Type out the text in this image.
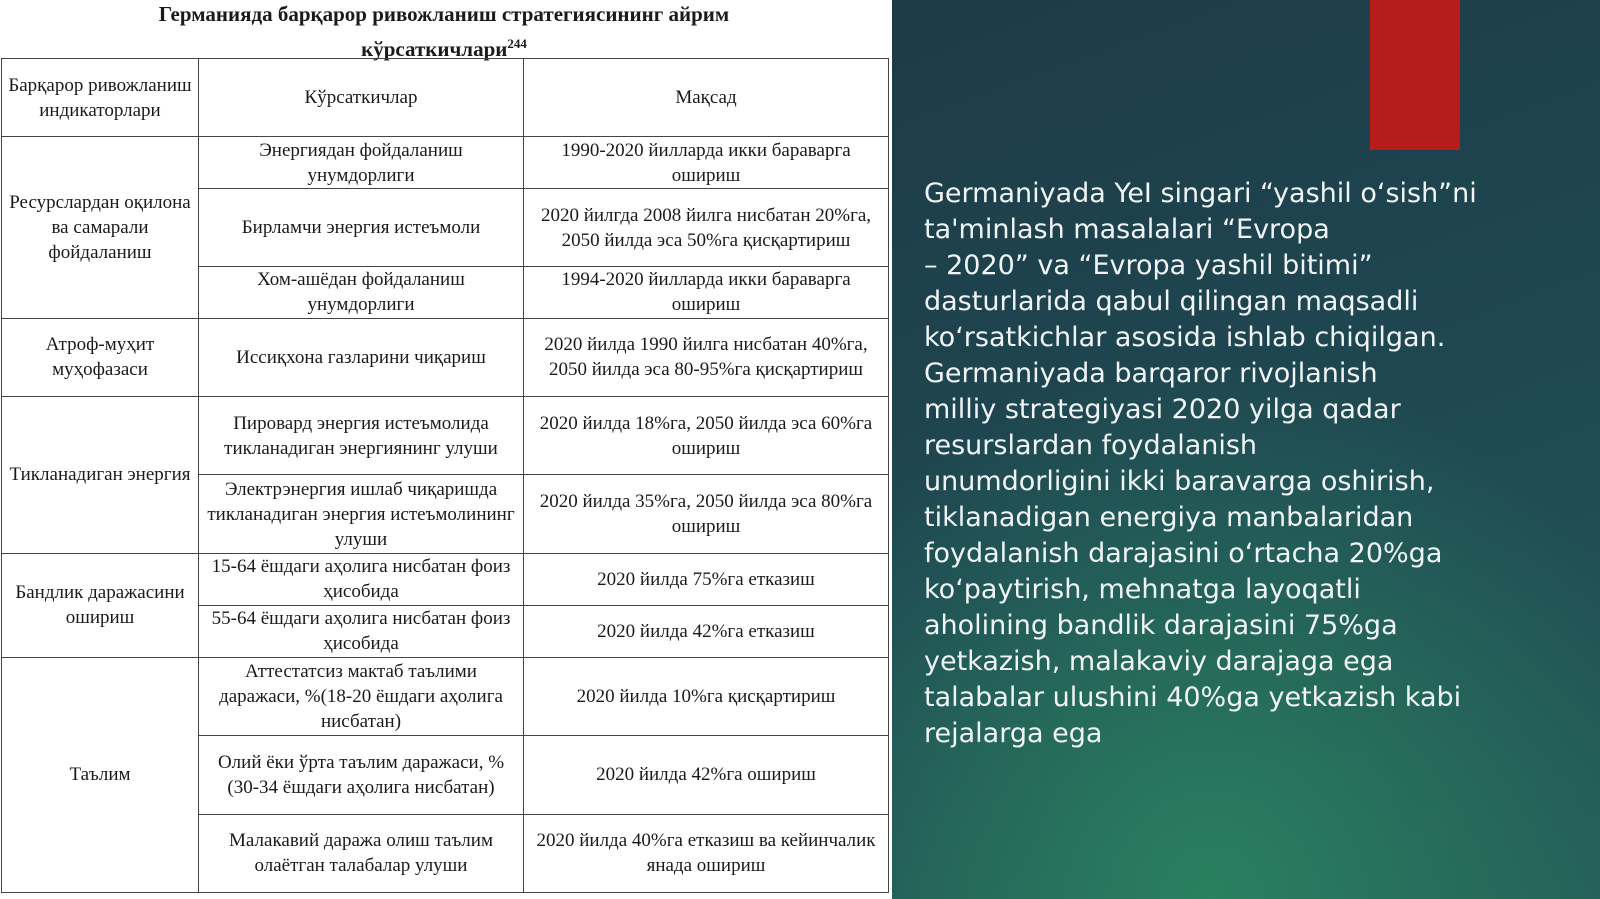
Германияда барқарор ривожланиш стратегиясининг айрим
кўрсаткичлари$^{244}$
Барқарор ривожланиш индикаторлари	Кўрсаткичлар	Мақсад
Ресурслардан оқилона ва самарали фойдаланиш	Энергиядан фойдаланиш унумдорлиги	1990-2020 йилларда икки бараварга ошириш
	Бирламчи энергия истеъмоли	2020 йилгда 2008 йилга нисбатан 20%га, 2050 йилда эса 50%га қисқартириш
	Хом-ашёдан фойдаланиш унумдорлиги	1994-2020 йилларда икки бараварга ошириш
Атроф-муҳит муҳофазаси	Иссиқхона газларини чиқариш	2020 йилда 1990 йилга нисбатан 40%га, 2050 йилда эса 80-95%га қисқартириш
Тикланадиган энергия	Пировард энергия истеъмолида тикланадиган энергиянинг улуши	2020 йилда 18%га, 2050 йилда эса 60%га ошириш
	Электрэнергия ишлаб чиқаришда тикланадиган энергия истеъмолининг улуши	2020 йилда 35%га, 2050 йилда эса 80%га ошириш
Бандлик даражасини ошириш	15-64 ёшдаги аҳолига нисбатан фоиз ҳисобида	2020 йилда 75%га етказиш
	55-64 ёшдаги аҳолига нисбатан фоиз ҳисобида	2020 йилда 42%га етказиш
Таълим	Аттестатсиз мактаб таълими даражаси, %(18-20 ёшдаги аҳолига нисбатан)	2020 йилда 10%га қисқартириш
	Олий ёки ўрта таълим даражаси, % (30-34 ёшдаги аҳолига нисбатан)	2020 йилда 42%га ошириш
	Малакавий даража олиш таълим олаётган талабалар улуши	2020 йилда 40%га етказиш ва кейинчалик янада ошириш
Germaniyada YeI singari “yashil oʻsish”ni
ta'minlash masalalari “Evropa
– 2020” va “Evropa yashil bitimi”
dasturlarida qabul qilingan maqsadli
koʻrsatkichlar asosida ishlab chiqilgan.
Germaniyada barqaror rivojlanish
milliy strategiyasi 2020 yilga qadar
resurslardan foydalanish
unumdorligini ikki baravarga oshirish,
tiklanadigan energiya manbalaridan
foydalanish darajasini oʻrtacha 20%ga
koʻpaytirish, mehnatga layoqatli
aholining bandlik darajasini 75%ga
yetkazish, malakaviy darajaga ega
talabalar ulushini 40%ga yetkazish kabi
rejalarga ega
